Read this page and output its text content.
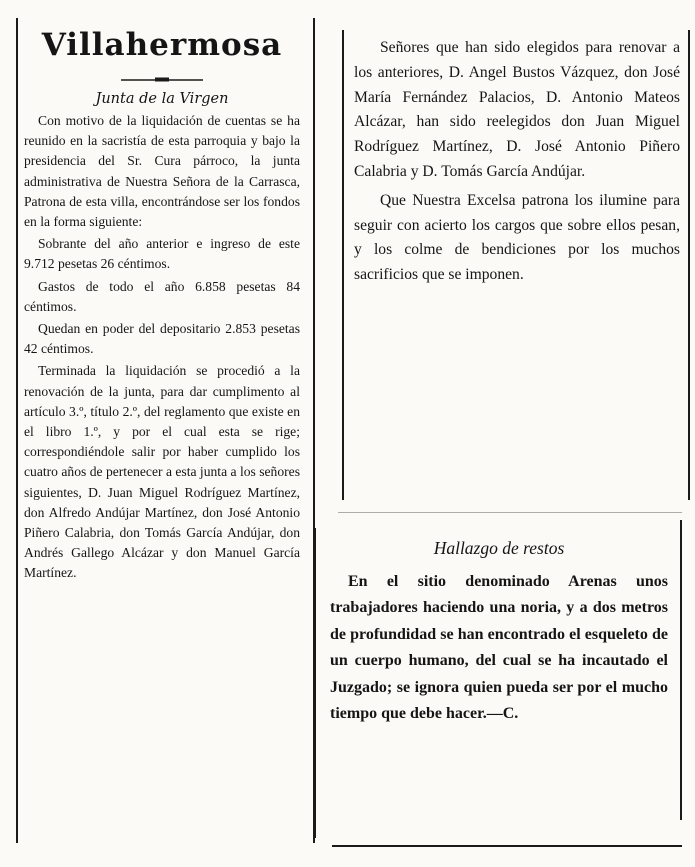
Villahermosa
Junta de la Virgen

Con motivo de la liquidación de cuentas se ha reunido en la sacristía de esta parroquia y bajo la presidencia del Sr. Cura párroco, la junta administrativa de Nuestra Señora de la Carrasca, Patrona de esta villa, encontrándose ser los fondos en la forma siguiente:

Sobrante del año anterior e ingreso de este 9.712 pesetas 26 céntimos.

Gastos de todo el año 6.858 pesetas 84 céntimos.

Quedan en poder del depositario 2.853 pesetas 42 céntimos.

Terminada la liquidación se procedió a la renovación de la junta, para dar cumplimento al artículo 3.º, título 2.º, del reglamento que existe en el libro 1.º, y por el cual esta se rige; correspondiéndole salir por haber cumplido los cuatro años de pertenecer a esta junta a los señores siguientes, D. Juan Miguel Rodríguez Martínez, don Alfredo Andújar Martínez, don José Antonio Piñero Calabria, don Tomás García Andújar, don Andrés Gallego Alcázar y don Manuel García Martínez.

Señores que han sido elegidos para renovar a los anteriores, D. Angel Bustos Vázquez, don José María Fernández Palacios, D. Antonio Mateos Alcázar, han sido reelegidos don Juan Miguel Rodríguez Martínez, D. José Antonio Piñero Calabria y D. Tomás García Andújar.

Que Nuestra Excelsa patrona los ilumine para seguir con acierto los cargos que sobre ellos pesan, y los colme de bendiciones por los muchos sacrificios que se imponen.

Hallazgo de restos

En el sitio denominado Arenas unos trabajadores haciendo una noria, y a dos metros de profundidad se han encontrado el esqueleto de un cuerpo humano, del cual se ha incautado el Juzgado; se ignora quien pueda ser por el mucho tiempo que debe hacer.—C.
